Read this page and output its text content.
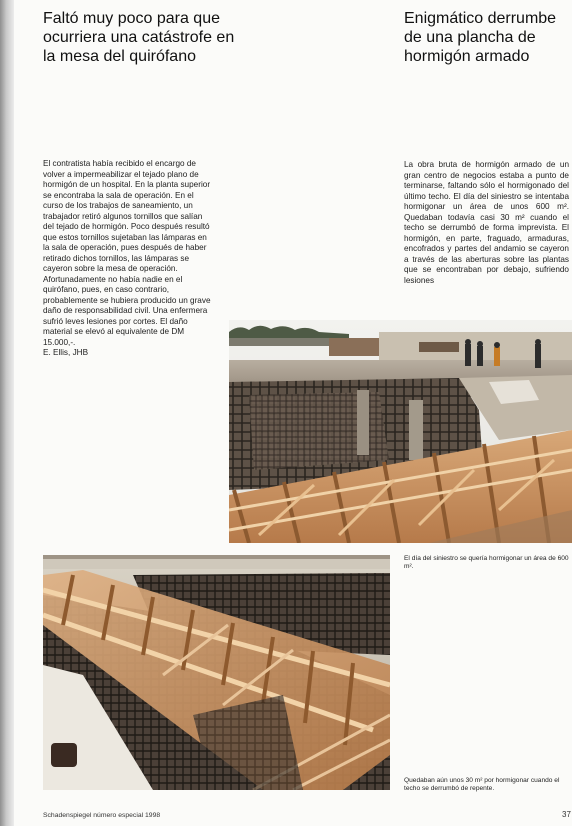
Faltó muy poco para que ocurriera una catástrofe en la mesa del quirófano
Enigmático derrumbe de una plancha de hormigón armado

El contratista había recibido el encargo de volver a impermeabilizar el tejado plano de hormigón de un hospital. En la planta superior se encontraba la sala de operación. En el curso de los trabajos de saneamiento, un trabajador retiró algunos tornillos que salían del tejado de hormigón. Poco después resultó que estos tornillos sujetaban las lámparas en la sala de operación, pues después de haber retirado dichos tornillos, las lámparas se cayeron sobre la mesa de operación. Afortunadamente no había nadie en el quirófano, pues, en caso contrario, probablemente se hubiera producido un grave daño de responsabilidad civil. Una enfermera sufrió leves lesiones por cortes. El daño material se elevó al equivalente de DM 15.000,-.
E. Ellis, JHB

La obra bruta de hormigón armado de un gran centro de negocios estaba a punto de terminarse, faltando sólo el hormigonado del último techo. El día del siniestro se intentaba hormigonar un área de unos 600 m². Quedaban todavía casi 30 m² cuando el techo se derrumbó de forma imprevista. El hormigón, en parte, fraguado, armaduras, encofrados y partes del andamio se cayeron a través de las aberturas sobre las plantas que se encontraban por debajo, sufriendo lesiones

El día del siniestro se quería hormigonar un área de 600 m².

Quedaban aún unos 30 m² por hormigonar cuando el techo se derrumbó de repente.

Schadenspiegel número especial 1998	37
